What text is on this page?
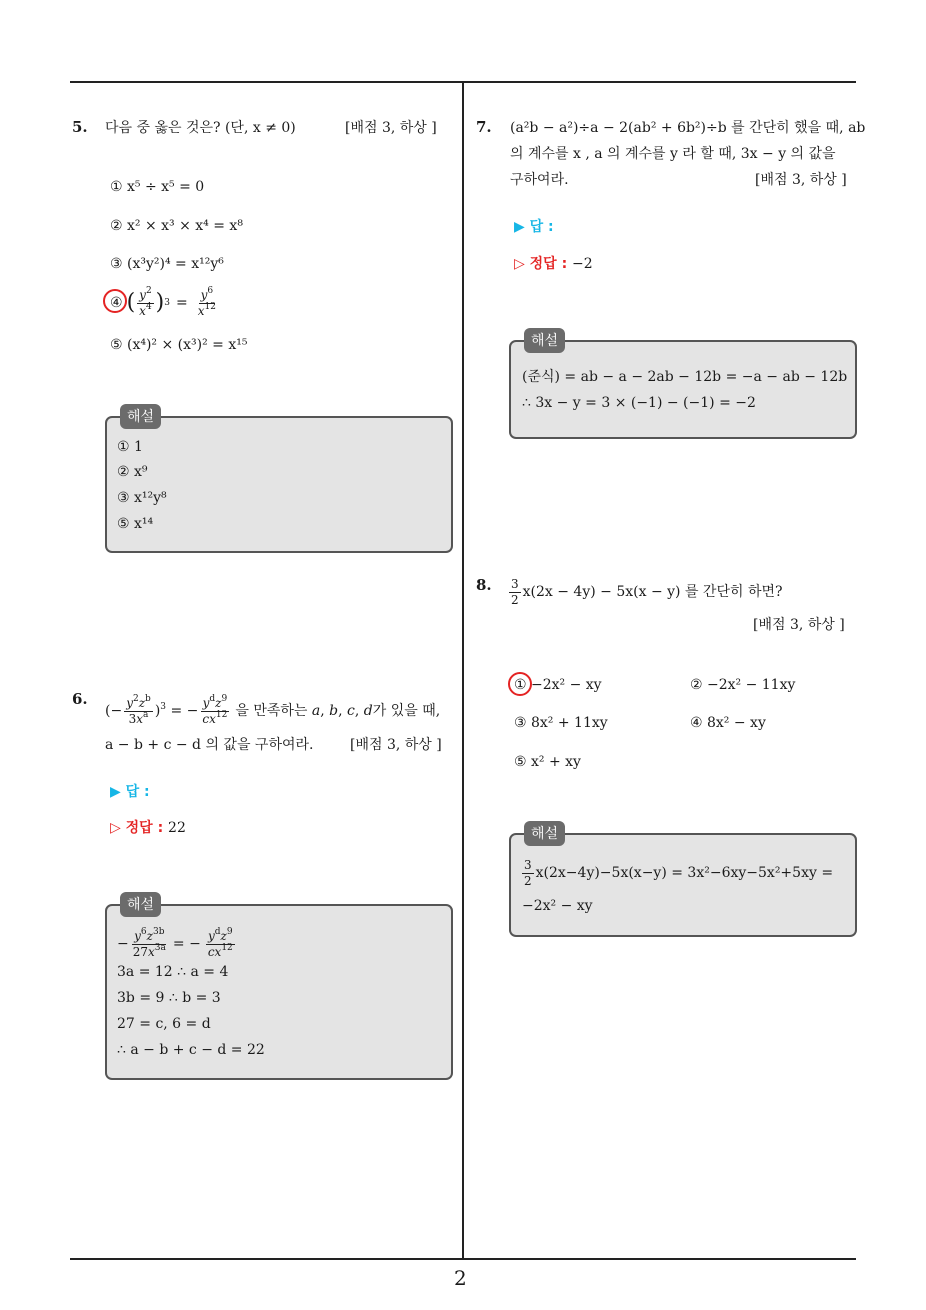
2
5. 다음 중 옳은 것은? (단, x ≠ 0)	[배점 3, 하상 ]
① x⁵ ÷ x⁵ = 0
② x² × x³ × x⁴ = x⁸
③ (x³y²)⁴ = x¹²y⁶
④ ( $\frac{y^2}{x^4}$ ) $3 = \frac{y^6}{x^{12}}$
⑤ (x⁴)² × (x³)² = x¹⁵
해설
① 1
② x⁹
③ x¹²y⁸
⑤ x¹⁴
6.
(− $\frac{y^2z^b}{3x^a} )^3$ = − $\frac{y^dz^9}{cx^{12}}$ 을 만족하는 a, b, c, d가 있을 때,
a − b + c − d 의 값을 구하여라.	[배점 3, 하상 ]
▶ 답 :
▷ 정답 : 22
해설
− $\frac{y^6z^{3b}}{27x^{3a}}$ = − $\frac{y^dz^9}{cx^{12}}$
3a = 12 ∴ a = 4
3b = 9 ∴ b = 3
27 = c, 6 = d
∴ a − b + c − d = 22
7. (a²b − a²)÷a − 2(ab² + 6b²)÷b 를 간단히 했을 때, ab
의 계수를 x , a 의 계수를 y 라 할 때, 3x − y 의 값을
구하여라.	[배점 3, 하상 ]
▶ 답 :
▷ 정답 : −2
해설
(준식) = ab − a − 2ab − 12b = −a − ab − 12b
∴ 3x − y = 3 × (−1) − (−1) = −2
8. $\frac{3}{2} x(2x - 4y) - 5x(x - y)$ 를 간단히 하면?
[배점 3, 하상 ]
① −2x² − xy	② −2x² − 11xy
③ 8x² + 11xy	④ 8x² − xy
⑤ x² + xy
해설
$\frac{3}{2} x(2x-4y)-5x(x-y) = 3x^2-6xy-5x^2+5xy$ =
−2x² − xy
